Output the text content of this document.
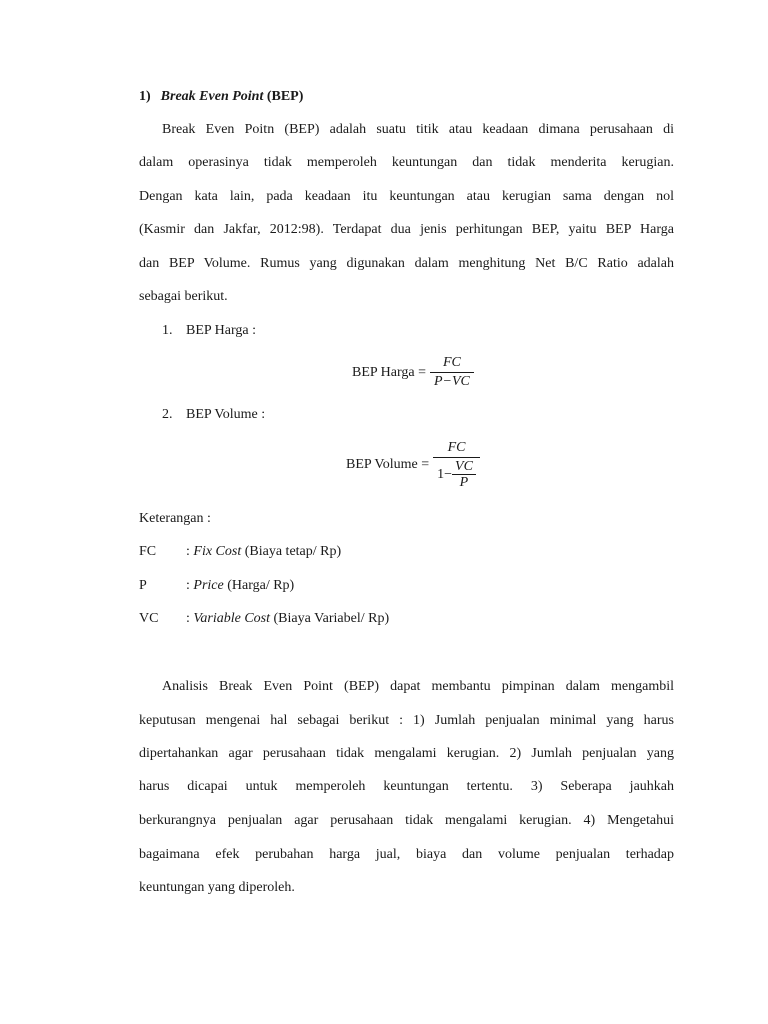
1) Break Even Point (BEP)
Break Even Poitn (BEP) adalah suatu titik atau keadaan dimana perusahaan di
dalam operasinya tidak memperoleh keuntungan dan tidak menderita kerugian.
Dengan kata lain, pada keadaan itu keuntungan atau kerugian sama dengan nol
(Kasmir dan Jakfar, 2012:98). Terdapat dua jenis perhitungan BEP, yaitu BEP Harga
dan BEP Volume. Rumus yang digunakan dalam menghitung Net B/C Ratio adalah
sebagai berikut.
1. BEP Harga :
BEP Harga = $\frac{FC}{P-VC}$
2. BEP Volume :
BEP Volume = $\frac{FC}{1- \frac{VC}{P}}$
Keterangan :
FC : Fix Cost (Biaya tetap/ Rp)
P	: Price (Harga/ Rp)
VC : Variable Cost (Biaya Variabel/ Rp)
Analisis Break Even Point (BEP) dapat membantu pimpinan dalam mengambil
keputusan mengenai hal sebagai berikut : 1) Jumlah penjualan minimal yang harus
dipertahankan agar perusahaan tidak mengalami kerugian. 2) Jumlah penjualan yang
harus dicapai untuk memperoleh keuntungan tertentu. 3) Seberapa jauhkah
berkurangnya penjualan agar perusahaan tidak mengalami kerugian. 4) Mengetahui
bagaimana efek perubahan harga jual, biaya dan volume penjualan terhadap
keuntungan yang diperoleh.
